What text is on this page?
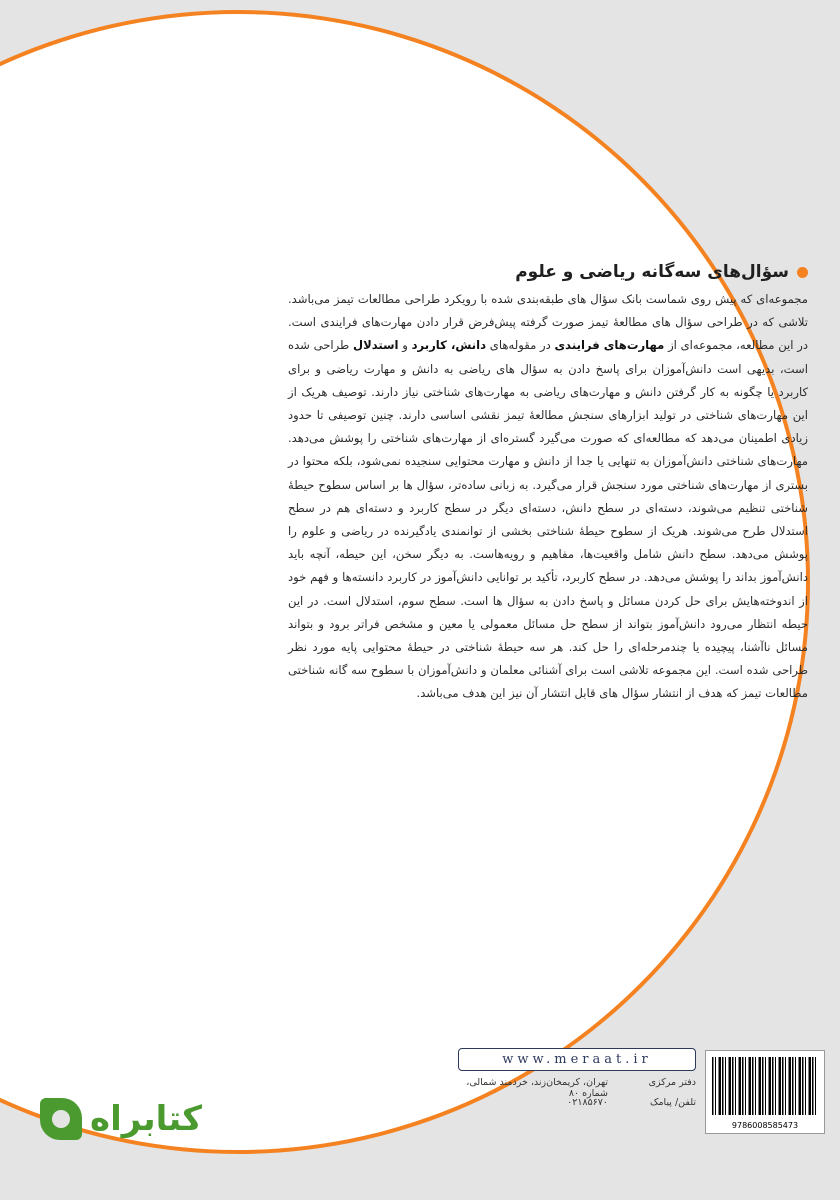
سؤال‌های سه‌گانه ریاضی و علوم

مجموعه‌ای که پیش روی شماست بانک سؤال های طبقه‌بندی شده با رویکرد طراحی مطالعات تیمز می‌باشد. تلاشی که در طراحی سؤال های مطالعهٔ تیمز صورت گرفته پیش‌فرض قرار دادن مهارت‌های فرایندی است. در این مطالعه، مجموعه‌ای از مهارت‌های فرایندی در مقوله‌های دانش، کاربرد و استدلال طراحی شده است، بدیهی است دانش‌آموزان برای پاسخ دادن به سؤال های ریاضی به دانش و مهارت ریاضی و برای کاربرد یا چگونه به کار گرفتن دانش و مهارت‌های ریاضی به مهارت‌های شناختی نیاز دارند. توصیف هریک از این مهارت‌های شناختی در تولید ابزارهای سنجش مطالعهٔ تیمز نقشی اساسی دارند. چنین توصیفی تا حدود زیادی اطمینان می‌دهد که مطالعه‌ای که صورت می‌گیرد گستره‌ای از مهارت‌های شناختی را پوشش می‌دهد. مهارت‌های شناختی دانش‌آموزان به تنهایی یا جدا از دانش و مهارت محتوایی سنجیده نمی‌شود، بلکه محتوا در بستری از مهارت‌های شناختی مورد سنجش قرار می‌گیرد. به زبانی ساده‌تر، سؤال ها بر اساس سطوح حیطهٔ شناختی تنظیم می‌شوند، دسته‌ای در سطح دانش، دسته‌ای دیگر در سطح کاربرد و دسته‌ای هم در سطح استدلال طرح می‌شوند. هریک از سطوح حیطهٔ شناختی بخشی از توانمندی یادگیرنده در ریاضی و علوم را پوشش می‌دهد. سطح دانش شامل واقعیت‌ها، مفاهیم و رویه‌هاست. به دیگر سخن، این حیطه، آنچه باید دانش‌آموز بداند را پوشش می‌دهد. در سطح کاربرد، تأکید بر توانایی دانش‌آموز در کاربرد دانسته‌ها و فهم خود از اندوخته‌هایش برای حل کردن مسائل و پاسخ دادن به سؤال ها است. سطح سوم، استدلال است. در این حیطه انتظار می‌رود دانش‌آموز بتواند از سطح حل مسائل معمولی یا معین و مشخص فراتر برود و بتواند مسائل ناآشنا، پیچیده یا چندمرحله‌ای را حل کند. هر سه حیطهٔ شناختی در حیطهٔ محتوایی پایه مورد نظر طراحی شده است. این مجموعه تلاشی است برای آشنائی معلمان و دانش‌آموزان با سطوح سه گانه شناختی مطالعات تیمز که هدف از انتشار سؤال های قابل انتشار آن نیز این هدف می‌باشد.

www.meraat.ir
دفتر مرکزی
تهران، کریمخان‌زند، خردمند شمالی، شماره ۸۰
تلفن/ پیامک
۰۲۱۸۵۶۷۰
9786008585473
کتابراه
